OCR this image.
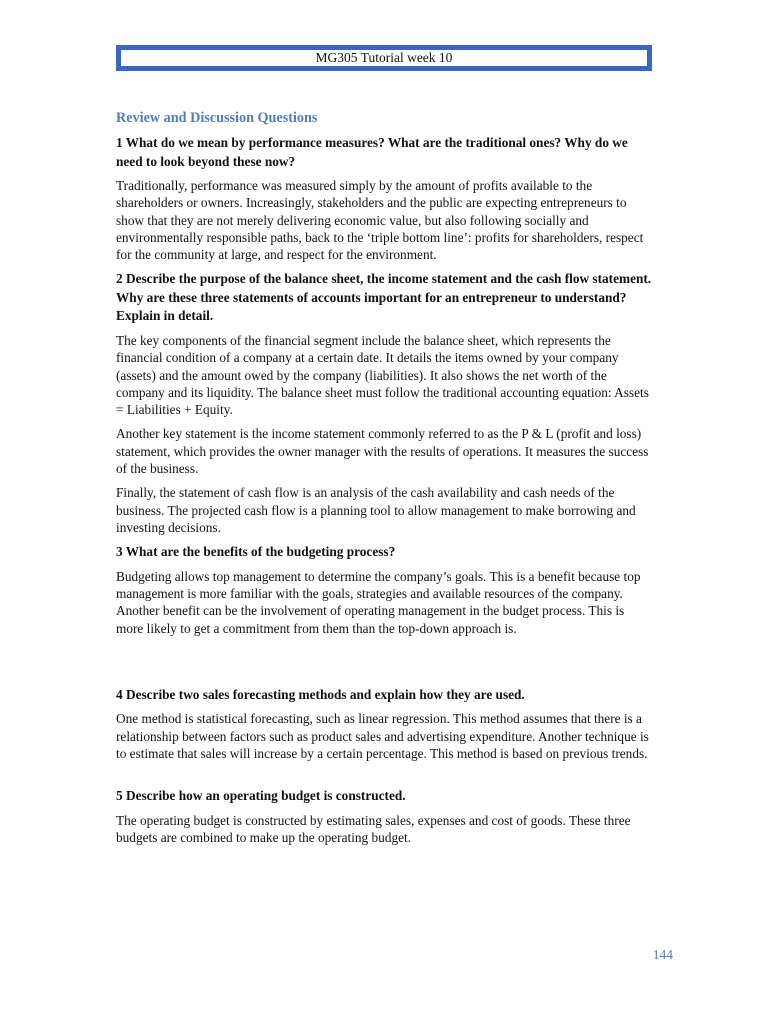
MG305 Tutorial week 10
Review and Discussion Questions
1 What do we mean by performance measures? What are the traditional ones? Why do we need to look beyond these now?

Traditionally, performance was measured simply by the amount of profits available to the shareholders or owners. Increasingly, stakeholders and the public are expecting entrepreneurs to show that they are not merely delivering economic value, but also following socially and environmentally responsible paths, back to the ‘triple bottom line’: profits for shareholders, respect for the community at large, and respect for the environment.

2 Describe the purpose of the balance sheet, the income statement and the cash flow statement. Why are these three statements of accounts important for an entrepreneur to understand? Explain in detail.

The key components of the financial segment include the balance sheet, which represents the financial condition of a company at a certain date. It details the items owned by your company (assets) and the amount owed by the company (liabilities). It also shows the net worth of the company and its liquidity. The balance sheet must follow the traditional accounting equation: Assets = Liabilities + Equity.

Another key statement is the income statement commonly referred to as the P & L (profit and loss) statement, which provides the owner manager with the results of operations. It measures the success of the business.

Finally, the statement of cash flow is an analysis of the cash availability and cash needs of the business. The projected cash flow is a planning tool to allow management to make borrowing and investing decisions.

3 What are the benefits of the budgeting process?

Budgeting allows top management to determine the company’s goals. This is a benefit because top management is more familiar with the goals, strategies and available resources of the company. Another benefit can be the involvement of operating management in the budget process. This is more likely to get a commitment from them than the top-down approach is.

4 Describe two sales forecasting methods and explain how they are used.

One method is statistical forecasting, such as linear regression. This method assumes that there is a relationship between factors such as product sales and advertising expenditure. Another technique is to estimate that sales will increase by a certain percentage. This method is based on previous trends.

5 Describe how an operating budget is constructed.

The operating budget is constructed by estimating sales, expenses and cost of goods. These three budgets are combined to make up the operating budget.

144
